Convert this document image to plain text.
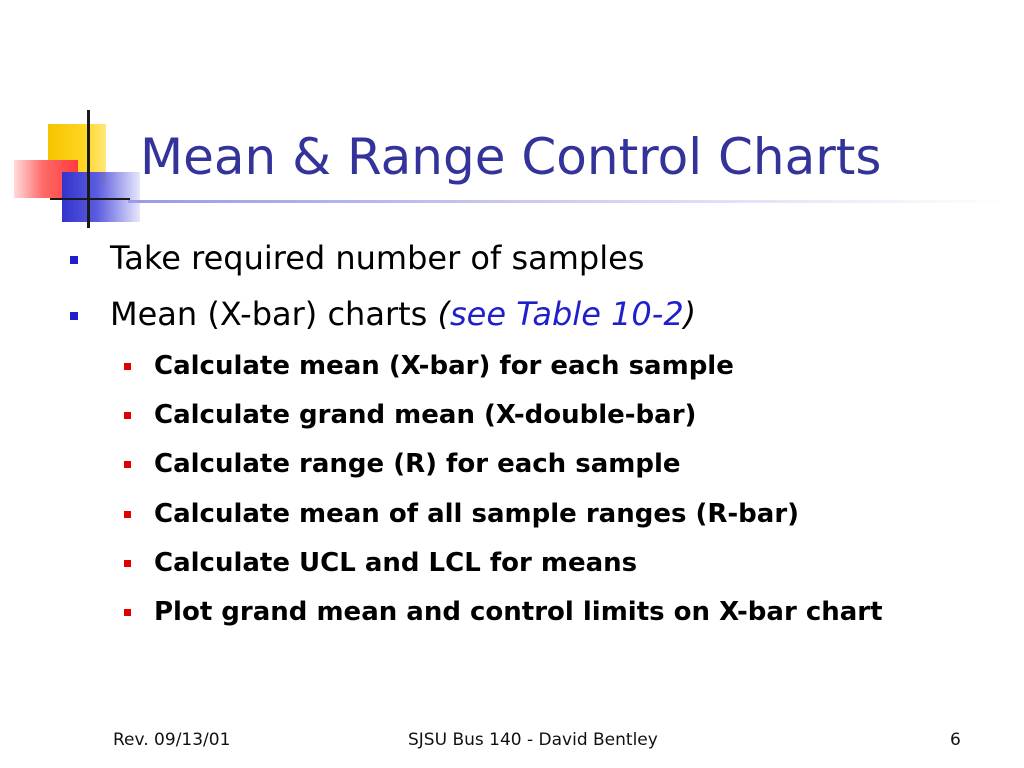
Mean & Range Control Charts
Take required number of samples
Mean (X-bar) charts (see Table 10-2)
Calculate mean (X-bar) for each sample
Calculate grand mean (X-double-bar)
Calculate range (R) for each sample
Calculate mean of all sample ranges (R-bar)
Calculate UCL and LCL for means
Plot grand mean and control limits on X-bar chart
Rev. 09/13/01	SJSU Bus 140 - David Bentley	6
